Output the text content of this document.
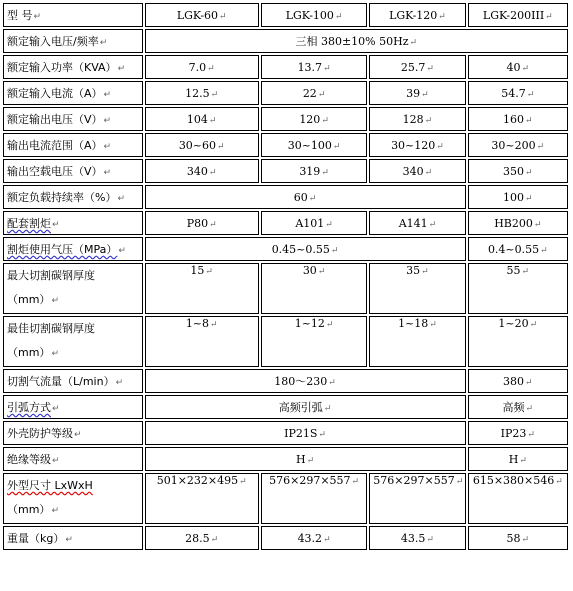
型 号↵	LGK-60↵	LGK-100↵	LGK-120↵	LGK-200III↵
额定输入电压/频率↵	三相 380±10% 50Hz↵			
额定输入功率（KVA）↵	7.0↵	13.7↵	25.7↵	40↵
额定输入电流（A）↵	12.5↵	22↵	39↵	54.7↵
额定输出电压（V）↵	104↵	120↵	128↵	160↵
输出电流范围（A）↵	30~60↵	30~100↵	30~120↵	30~200↵
输出空载电压（V）↵	340↵	319↵	340↵	350↵
额定负载持续率（%）↵	60↵			100↵
配套割炬↵	P80↵	A101↵	A141↵	HB200↵
割炬使用气压（MPa）↵	0.45~0.55↵			0.4~0.55↵

最大切割碳钢厚度
（mm）↵	15↵	30↵	35↵	55↵

最佳切割碳钢厚度
（mm）↵	1~8↵	1~12↵	1~18↵	1~20↵
切割气流量（L/min）↵	180～230↵			380↵
引弧方式↵	高频引弧↵			高频↵
外壳防护等级↵	IP21S↵			IP23↵
绝缘等级↵	H↵			H↵

外型尺寸 LxWxH
（mm）↵	501×232×495↵	576×297×557↵	576×297×557↵	615×380×546↵
重量（kg）↵	28.5↵	43.2↵	43.5↵	58↵
